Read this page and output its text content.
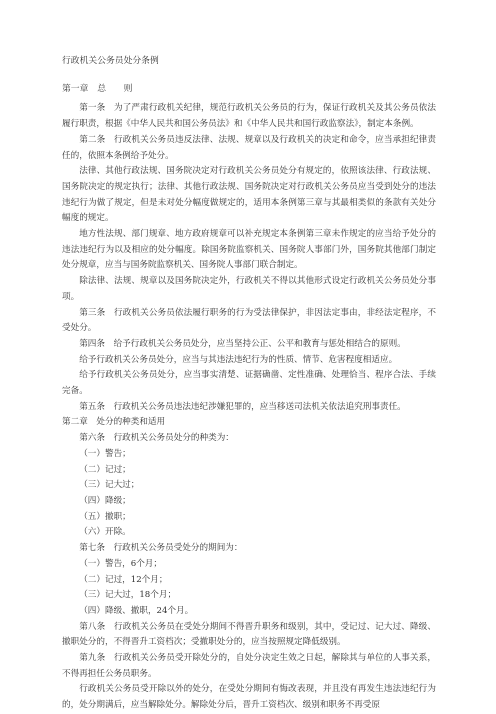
行政机关公务员处分条例
第一章　总　　则

第一条　为了严肃行政机关纪律，规范行政机关公务员的行为，保证行政机关及其公务员依法履行职责，根据《中华人民共和国公务员法》和《中华人民共和国行政监察法》，制定本条例。

第二条　行政机关公务员违反法律、法规、规章以及行政机关的决定和命令，应当承担纪律责任的，依照本条例给予处分。

法律、其他行政法规、国务院决定对行政机关公务员处分有规定的，依照该法律、行政法规、国务院决定的规定执行；法律、其他行政法规、国务院决定对行政机关公务员应当受到处分的违法违纪行为做了规定，但是未对处分幅度做规定的，适用本条例第三章与其最相类似的条款有关处分幅度的规定。

地方性法规、部门规章、地方政府规章可以补充规定本条例第三章未作规定的应当给予处分的违法违纪行为以及相应的处分幅度。除国务院监察机关、国务院人事部门外，国务院其他部门制定处分规章，应当与国务院监察机关、国务院人事部门联合制定。

除法律、法规、规章以及国务院决定外，行政机关不得以其他形式设定行政机关公务员处分事项。

第三条　行政机关公务员依法履行职务的行为受法律保护，非因法定事由，非经法定程序，不受处分。

第四条　给予行政机关公务员处分，应当坚持公正、公平和教育与惩处相结合的原则。

给予行政机关公务员处分，应当与其违法违纪行为的性质、情节、危害程度相适应。

给予行政机关公务员处分，应当事实清楚、证据确凿、定性准确、处理恰当、程序合法、手续完备。

第五条　行政机关公务员违法违纪涉嫌犯罪的，应当移送司法机关依法追究刑事责任。

第二章　处分的种类和适用

第六条　行政机关公务员处分的种类为：

（一）警告；

（二）记过；

（三）记大过；

（四）降级；

（五）撤职；

（六）开除。

第七条　行政机关公务员受处分的期间为：

（一）警告，6个月；

（二）记过，12个月；

（三）记大过，18个月；

（四）降级、撤职，24个月。

第八条　行政机关公务员在受处分期间不得晋升职务和级别，其中，受记过、记大过、降级、撤职处分的，不得晋升工资档次；受撤职处分的，应当按照规定降低级别。

第九条　行政机关公务员受开除处分的，自处分决定生效之日起，解除其与单位的人事关系，不得再担任公务员职务。

行政机关公务员受开除以外的处分，在受处分期间有悔改表现，并且没有再发生违法违纪行为的，处分期满后，应当解除处分。解除处分后，晋升工资档次、级别和职务不再受原
